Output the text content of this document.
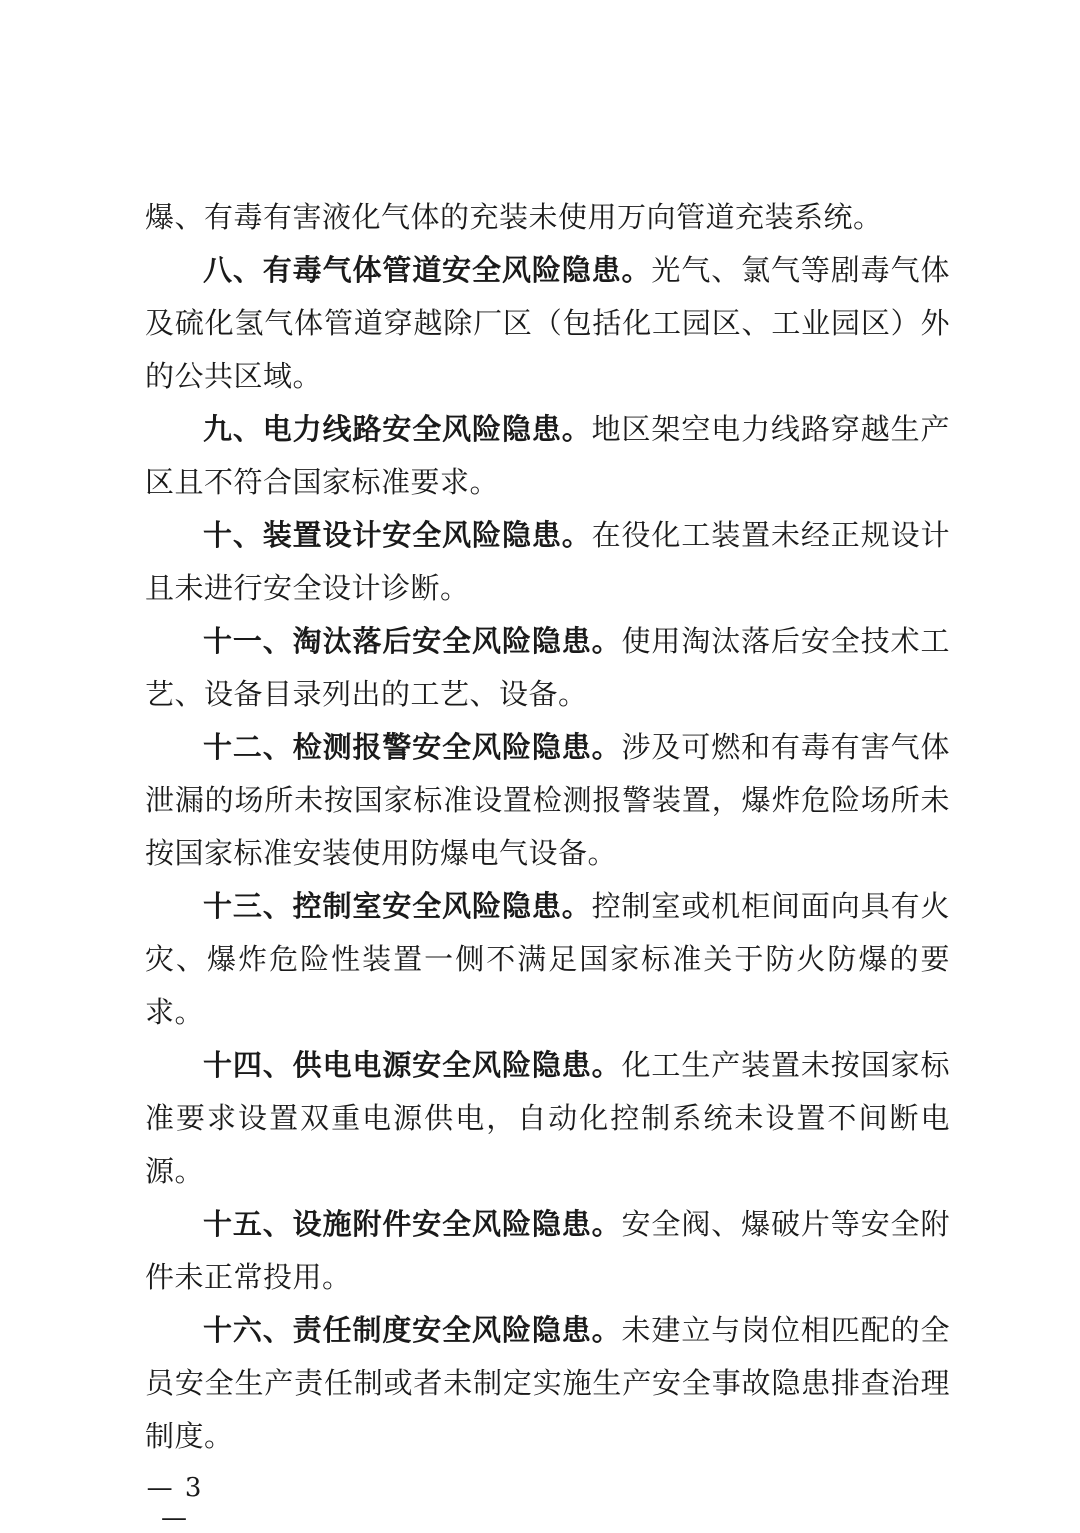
爆、有毒有害液化气体的充装未使用万向管道充装系统。

八、有毒气体管道安全风险隐患。光气、氯气等剧毒气体及硫化氢气体管道穿越除厂区（包括化工园区、工业园区）外的公共区域。

九、电力线路安全风险隐患。地区架空电力线路穿越生产区且不符合国家标准要求。

十、装置设计安全风险隐患。在役化工装置未经正规设计且未进行安全设计诊断。

十一、淘汰落后安全风险隐患。使用淘汰落后安全技术工艺、设备目录列出的工艺、设备。

十二、检测报警安全风险隐患。涉及可燃和有毒有害气体泄漏的场所未按国家标准设置检测报警装置，爆炸危险场所未按国家标准安装使用防爆电气设备。

十三、控制室安全风险隐患。控制室或机柜间面向具有火灾、爆炸危险性装置一侧不满足国家标准关于防火防爆的要求。

十四、供电电源安全风险隐患。化工生产装置未按国家标准要求设置双重电源供电，自动化控制系统未设置不间断电源。

十五、设施附件安全风险隐患。安全阀、爆破片等安全附件未正常投用。

十六、责任制度安全风险隐患。未建立与岗位相匹配的全员安全生产责任制或者未制定实施生产安全事故隐患排查治理制度。

— 3 —
